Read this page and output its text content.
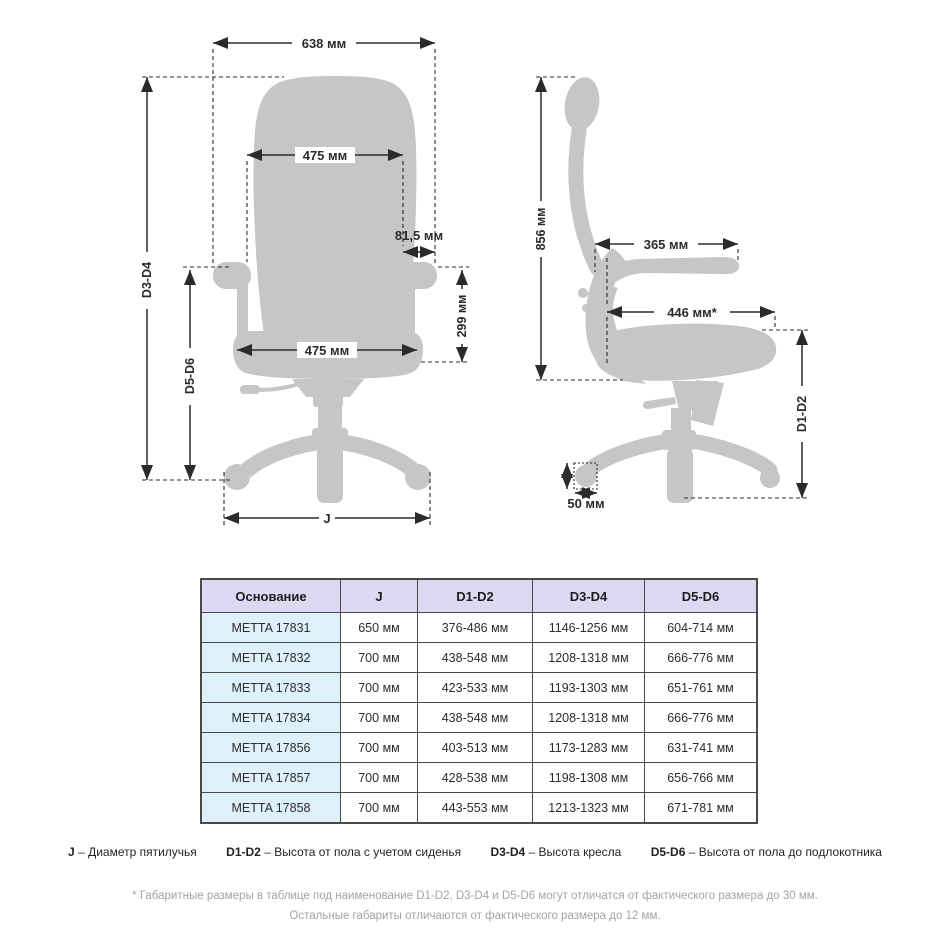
638 мм
475 мм
81,5 мм
D3-D4
D5-D6
299 мм
475 мм
J
856 мм	365 мм
446 мм*
D1-D2
50 мм
Основание	J	D1-D2	D3-D4	D5-D6
METTA 17831	650 мм	376-486 мм	1146-1256 мм	604-714 мм
METTA 17832	700 мм	438-548 мм	1208-1318 мм	666-776 мм
METTA 17833	700 мм	423-533 мм	1193-1303 мм	651-761 мм
METTA 17834	700 мм	438-548 мм	1208-1318 мм	666-776 мм
METTA 17856	700 мм	403-513 мм	1173-1283 мм	631-741 мм
METTA 17857	700 мм	428-538 мм	1198-1308 мм	656-766 мм
METTA 17858	700 мм	443-553 мм	1213-1323 мм	671-781 мм
J – Диаметр пятилучья D1-D2 – Высота от пола с учетом сиденья D3-D4 – Высота кресла D5-D6 – Высота от пола до подлокотника
* Габаритные размеры в таблице под наименование D1-D2, D3-D4 и D5-D6 могут отличатся от фактического размера до 30 мм.
Остальные габариты отличаются от фактического размера до 12 мм.
